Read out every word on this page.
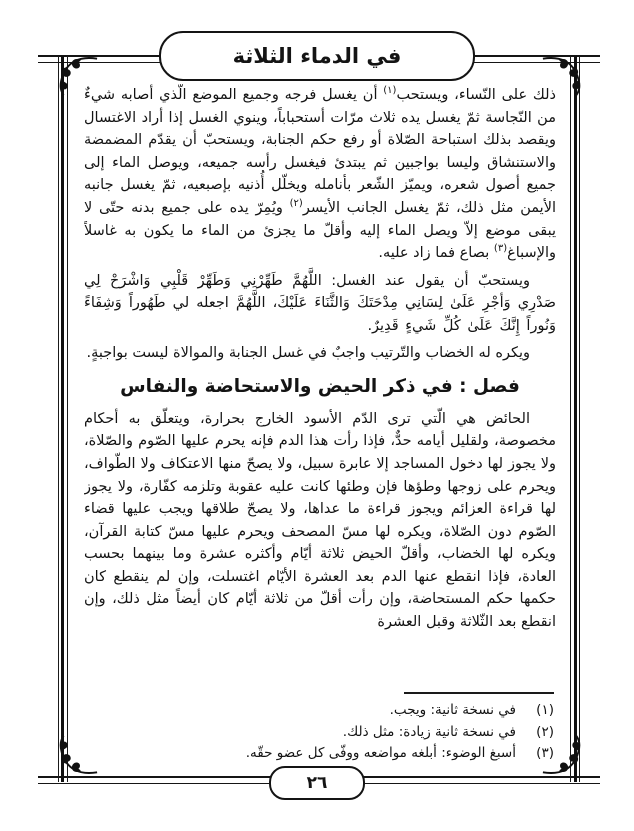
في الدماء الثلاثة

ذلك على النّساء، ويستحب$^{(١)}$ أن يغسل فرجه وجميع الموضع الّذي أصابه شيءٌ من النّجاسة ثمّ يغسل يده ثلاث مرّات أستحباباً، وينوي الغسل إذا أراد الاغتسال ويقصد بذلك استباحة الصّلاة أو رفع حكم الجنابة، ويستحبّ أن يقدّم المضمضة والاستنشاق وليسا بواجبين ثم يبتدئ فيغسل رأسه جميعه، ويوصل الماء إلى جميع أصول شعره، ويميّز الشّعر بأنامله ويخلّل أُذنيه بإصبعيه، ثمّ يغسل جانبه الأيمن مثل ذلك، ثمّ يغسل الجانب الأيسر$^{(٢)}$ ويُمِرّ يده على جميع بدنه حتّى لا يبقى موضع إلاّ ويصل الماء إليه وأقلّ ما يجزئ من الماء ما يكون به غاسلاً والإسباغ$^{(٣)}$ بصاع فما زاد عليه.

ويستحبّ أن يقول عند الغسل: اللَّهُمَّ طَهِّرْنِي وَطَهِّرْ قَلْبِي وَاشْرَحْ لِي صَدْرِي وَأجْرِ عَلَىٰ لِسَانِي مِدْحَتَكَ وَالثَّنَاءَ عَلَيْكَ، اللَّهُمَّ اجعله لي طَهُوراً وَشِفَاءً وَنُوراً إِنَّكَ عَلَىٰ كُلِّ شَيءٍ قَدِيرٌ.

ويكره له الخضاب والتّرتيب واجبٌ في غسل الجنابة والموالاة ليست بواجبةٍ.

فصل : في ذكر الحيض والاستحاضة والنفاس

الحائض هي الّتي ترى الدّم الأسود الخارج بحرارة، ويتعلّق به أحكام مخصوصة، ولقليل أيامه حدٌّ، فإذا رأت هذا الدم فإنه يحرم عليها الصّوم والصّلاة، ولا يجوز لها دخول المساجد إلا عابرة سبيل، ولا يصحّ منها الاعتكاف ولا الطّواف، ويحرم على زوجها وطؤها فإن وطئها كانت عليه عقوبة وتلزمه كفّارة، ولا يجوز لها قراءة العزائم ويجوز قراءة ما عداها، ولا يصحّ طلاقها ويجب عليها قضاء الصّوم دون الصّلاة، ويكره لها مسّ المصحف ويحرم عليها مسّ كتابة القرآن، ويكره لها الخضاب، وأقلّ الحيض ثلاثة أيّام وأكثره عشرة وما بينهما بحسب العادة، فإذا انقطع عنها الدم بعد العشرة الأيّام اغتسلت، وإن لم ينقطع كان حكمها حكم المستحاضة، وإن رأت أقلّ من ثلاثة أيّام كان أيضاً مثل ذلك، وإن انقطع بعد الثّلاثة وقبل العشرة

(١)
في نسخة ثانية: ويجب.
(٢)
في نسخة ثانية زيادة: مثل ذلك.
(٣)
أسبغ الوضوء: أبلغه مواضعه ووفّى كل عضو حقّه.
٢٦
